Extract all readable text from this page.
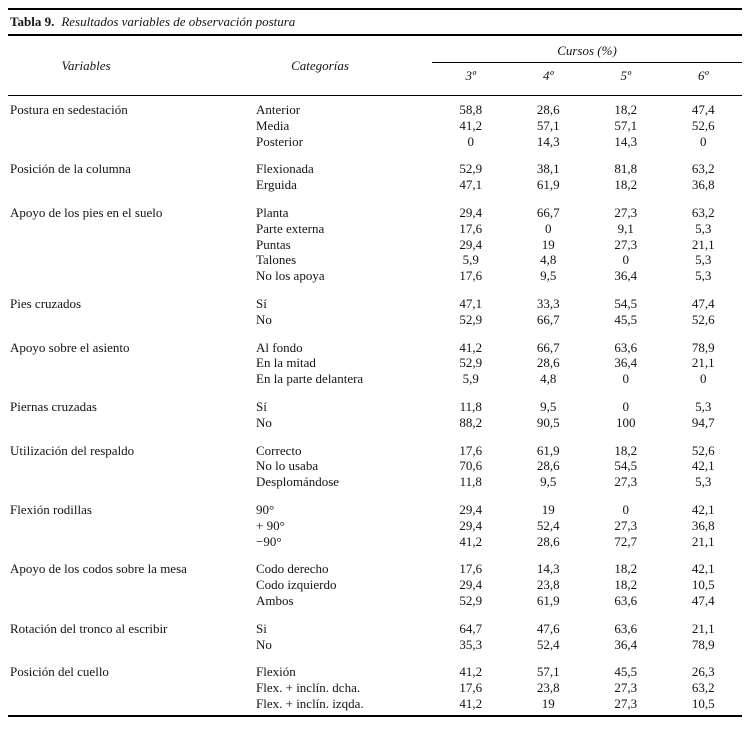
Tabla 9. Resultados variables de observación postura
Variables	Categorías
Cursos (%)
3º	4º	5º	6º
Postura en sedestación	Anterior	58,8	28,6	18,2	47,4
Media	41,2	57,1	57,1	52,6
Posterior	0	14,3	14,3	0
Posición de la columna	Flexionada	52,9	38,1	81,8	63,2
Erguida	47,1	61,9	18,2	36,8
Apoyo de los pies en el suelo	Planta	29,4	66,7	27,3	63,2
Parte externa	17,6	0	9,1	5,3
Puntas	29,4	19	27,3	21,1
Talones	5,9	4,8	0	5,3
No los apoya	17,6	9,5	36,4	5,3
Pies cruzados	Sí	47,1	33,3	54,5	47,4
No	52,9	66,7	45,5	52,6
Apoyo sobre el asiento	Al fondo	41,2	66,7	63,6	78,9
En la mitad	52,9	28,6	36,4	21,1
En la parte delantera	5,9	4,8	0	0
Piernas cruzadas	Sí	11,8	9,5	0	5,3
No	88,2	90,5	100	94,7
Utilización del respaldo	Correcto	17,6	61,9	18,2	52,6
No lo usaba	70,6	28,6	54,5	42,1
Desplomándose	11,8	9,5	27,3	5,3
Flexión rodillas	90°	29,4	19	0	42,1
+ 90°	29,4	52,4	27,3	36,8
−90°	41,2	28,6	72,7	21,1
Apoyo de los codos sobre la mesa	Codo derecho	17,6	14,3	18,2	42,1
Codo izquierdo	29,4	23,8	18,2	10,5
Ambos	52,9	61,9	63,6	47,4
Rotación del tronco al escribir	Si	64,7	47,6	63,6	21,1
No	35,3	52,4	36,4	78,9
Posición del cuello	Flexión	41,2	57,1	45,5	26,3
Flex. + inclín. dcha.	17,6	23,8	27,3	63,2
Flex. + inclín. izqda.	41,2	19	27,3	10,5
